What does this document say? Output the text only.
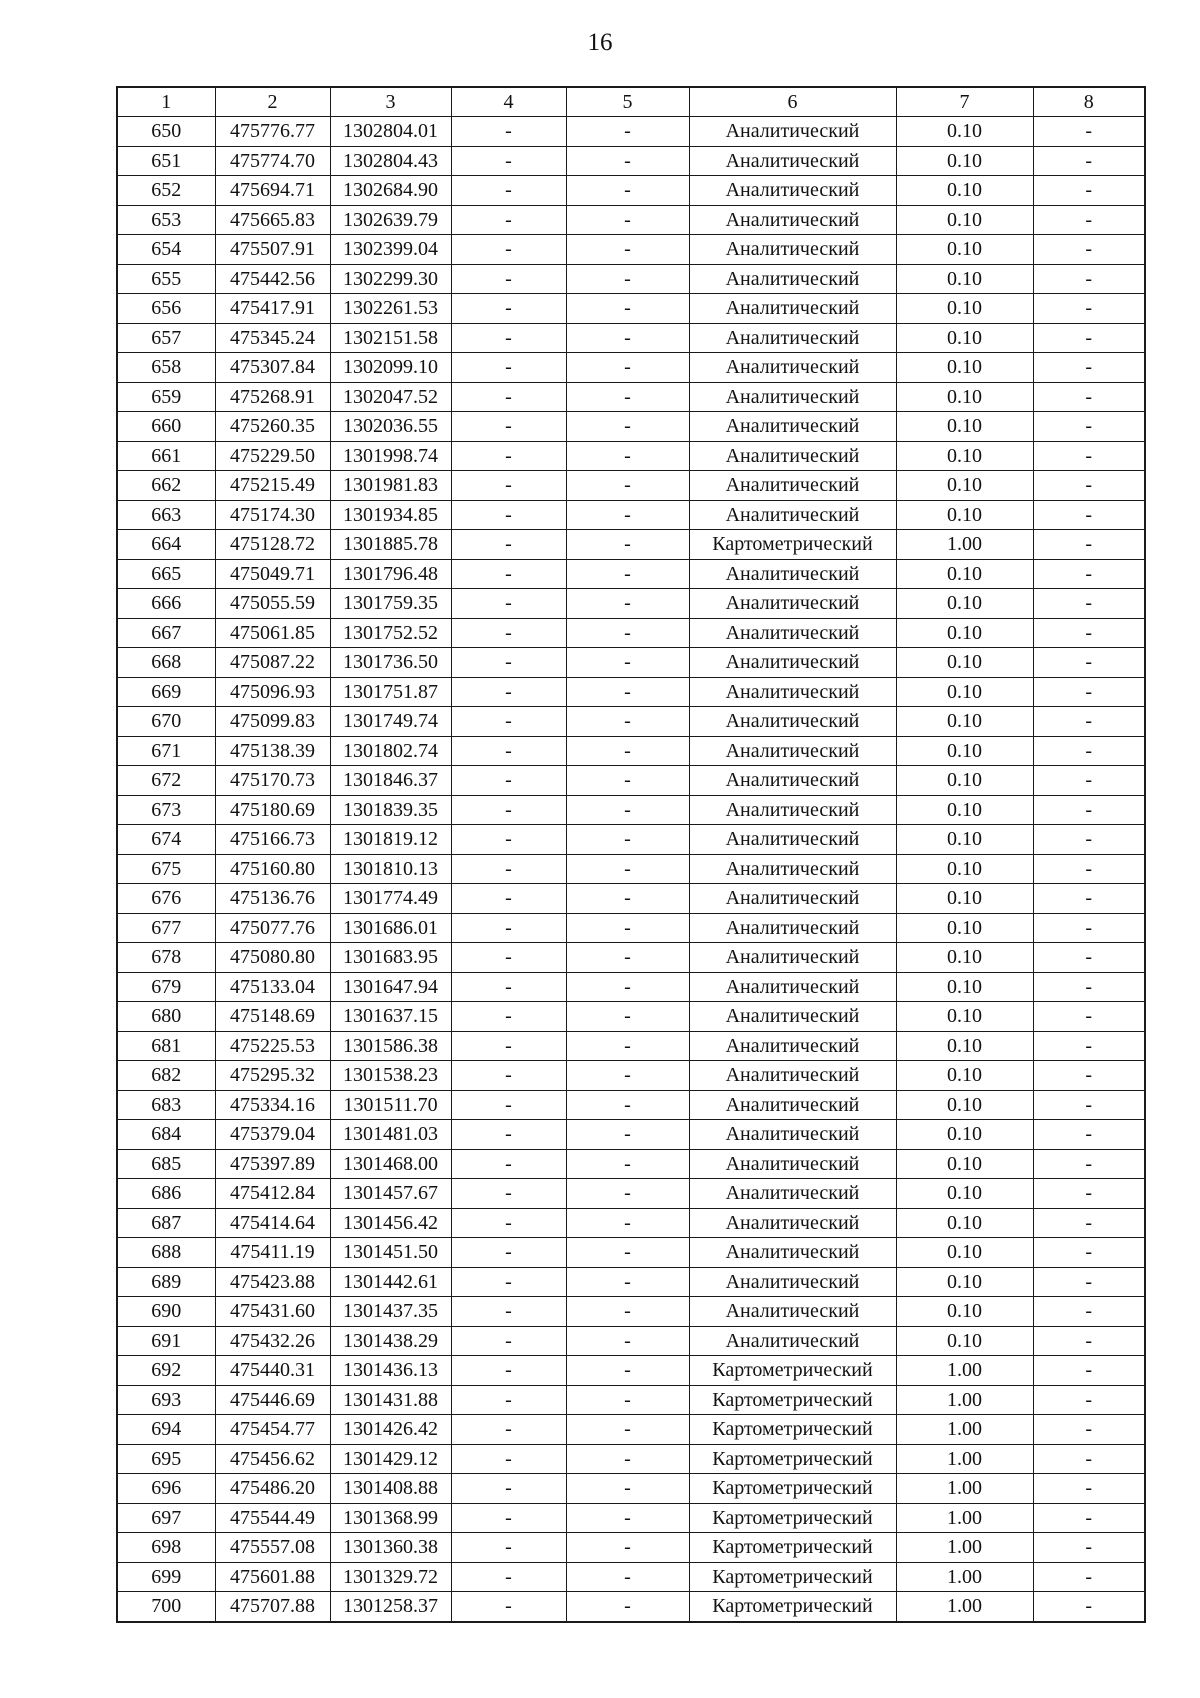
16
1	2	3	4	5	6	7	8
650	475776.77	1302804.01	-	-	Аналитический	0.10	-
651	475774.70	1302804.43	-	-	Аналитический	0.10	-
652	475694.71	1302684.90	-	-	Аналитический	0.10	-
653	475665.83	1302639.79	-	-	Аналитический	0.10	-
654	475507.91	1302399.04	-	-	Аналитический	0.10	-
655	475442.56	1302299.30	-	-	Аналитический	0.10	-
656	475417.91	1302261.53	-	-	Аналитический	0.10	-
657	475345.24	1302151.58	-	-	Аналитический	0.10	-
658	475307.84	1302099.10	-	-	Аналитический	0.10	-
659	475268.91	1302047.52	-	-	Аналитический	0.10	-
660	475260.35	1302036.55	-	-	Аналитический	0.10	-
661	475229.50	1301998.74	-	-	Аналитический	0.10	-
662	475215.49	1301981.83	-	-	Аналитический	0.10	-
663	475174.30	1301934.85	-	-	Аналитический	0.10	-
664	475128.72	1301885.78	-	-	Картометрический	1.00	-
665	475049.71	1301796.48	-	-	Аналитический	0.10	-
666	475055.59	1301759.35	-	-	Аналитический	0.10	-
667	475061.85	1301752.52	-	-	Аналитический	0.10	-
668	475087.22	1301736.50	-	-	Аналитический	0.10	-
669	475096.93	1301751.87	-	-	Аналитический	0.10	-
670	475099.83	1301749.74	-	-	Аналитический	0.10	-
671	475138.39	1301802.74	-	-	Аналитический	0.10	-
672	475170.73	1301846.37	-	-	Аналитический	0.10	-
673	475180.69	1301839.35	-	-	Аналитический	0.10	-
674	475166.73	1301819.12	-	-	Аналитический	0.10	-
675	475160.80	1301810.13	-	-	Аналитический	0.10	-
676	475136.76	1301774.49	-	-	Аналитический	0.10	-
677	475077.76	1301686.01	-	-	Аналитический	0.10	-
678	475080.80	1301683.95	-	-	Аналитический	0.10	-
679	475133.04	1301647.94	-	-	Аналитический	0.10	-
680	475148.69	1301637.15	-	-	Аналитический	0.10	-
681	475225.53	1301586.38	-	-	Аналитический	0.10	-
682	475295.32	1301538.23	-	-	Аналитический	0.10	-
683	475334.16	1301511.70	-	-	Аналитический	0.10	-
684	475379.04	1301481.03	-	-	Аналитический	0.10	-
685	475397.89	1301468.00	-	-	Аналитический	0.10	-
686	475412.84	1301457.67	-	-	Аналитический	0.10	-
687	475414.64	1301456.42	-	-	Аналитический	0.10	-
688	475411.19	1301451.50	-	-	Аналитический	0.10	-
689	475423.88	1301442.61	-	-	Аналитический	0.10	-
690	475431.60	1301437.35	-	-	Аналитический	0.10	-
691	475432.26	1301438.29	-	-	Аналитический	0.10	-
692	475440.31	1301436.13	-	-	Картометрический	1.00	-
693	475446.69	1301431.88	-	-	Картометрический	1.00	-
694	475454.77	1301426.42	-	-	Картометрический	1.00	-
695	475456.62	1301429.12	-	-	Картометрический	1.00	-
696	475486.20	1301408.88	-	-	Картометрический	1.00	-
697	475544.49	1301368.99	-	-	Картометрический	1.00	-
698	475557.08	1301360.38	-	-	Картометрический	1.00	-
699	475601.88	1301329.72	-	-	Картометрический	1.00	-
700	475707.88	1301258.37	-	-	Картометрический	1.00	-
